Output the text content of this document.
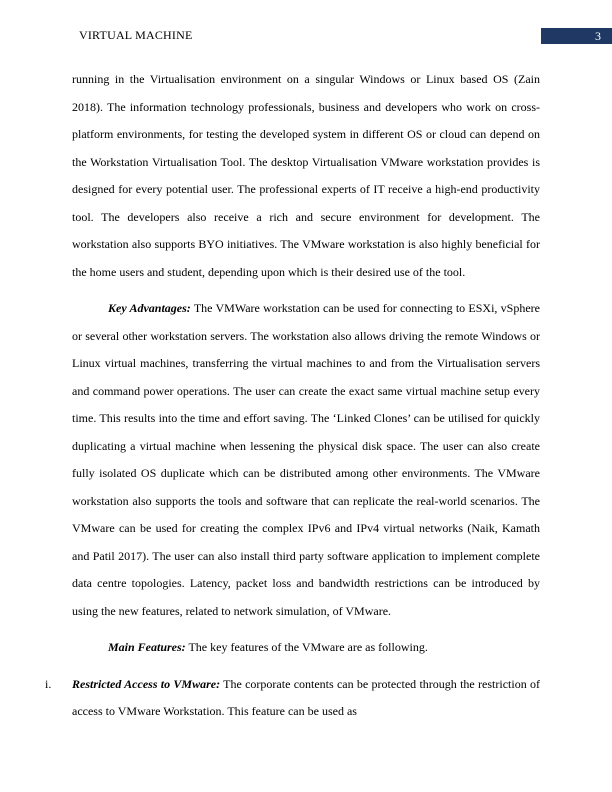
VIRTUAL MACHINE	3

running in the Virtualisation environment on a singular Windows or Linux based OS (Zain 2018). The information technology professionals, business and developers who work on cross-platform environments, for testing the developed system in different OS or cloud can depend on the Workstation Virtualisation Tool. The desktop Virtualisation VMware workstation provides is designed for every potential user. The professional experts of IT receive a high-end productivity tool. The developers also receive a rich and secure environment for development. The workstation also supports BYO initiatives. The VMware workstation is also highly beneficial for the home users and student, depending upon which is their desired use of the tool.

Key Advantages: The VMWare workstation can be used for connecting to ESXi, vSphere or several other workstation servers. The workstation also allows driving the remote Windows or Linux virtual machines, transferring the virtual machines to and from the Virtualisation servers and command power operations. The user can create the exact same virtual machine setup every time. This results into the time and effort saving. The ‘Linked Clones’ can be utilised for quickly duplicating a virtual machine when lessening the physical disk space. The user can also create fully isolated OS duplicate which can be distributed among other environments. The VMware workstation also supports the tools and software that can replicate the real-world scenarios. The VMware can be used for creating the complex IPv6 and IPv4 virtual networks (Naik, Kamath and Patil 2017). The user can also install third party software application to implement complete data centre topologies. Latency, packet loss and bandwidth restrictions can be introduced by using the new features, related to network simulation, of VMware.

Main Features: The key features of the VMware are as following.

i. Restricted Access to VMware: The corporate contents can be protected through the restriction of access to VMware Workstation. This feature can be used as
